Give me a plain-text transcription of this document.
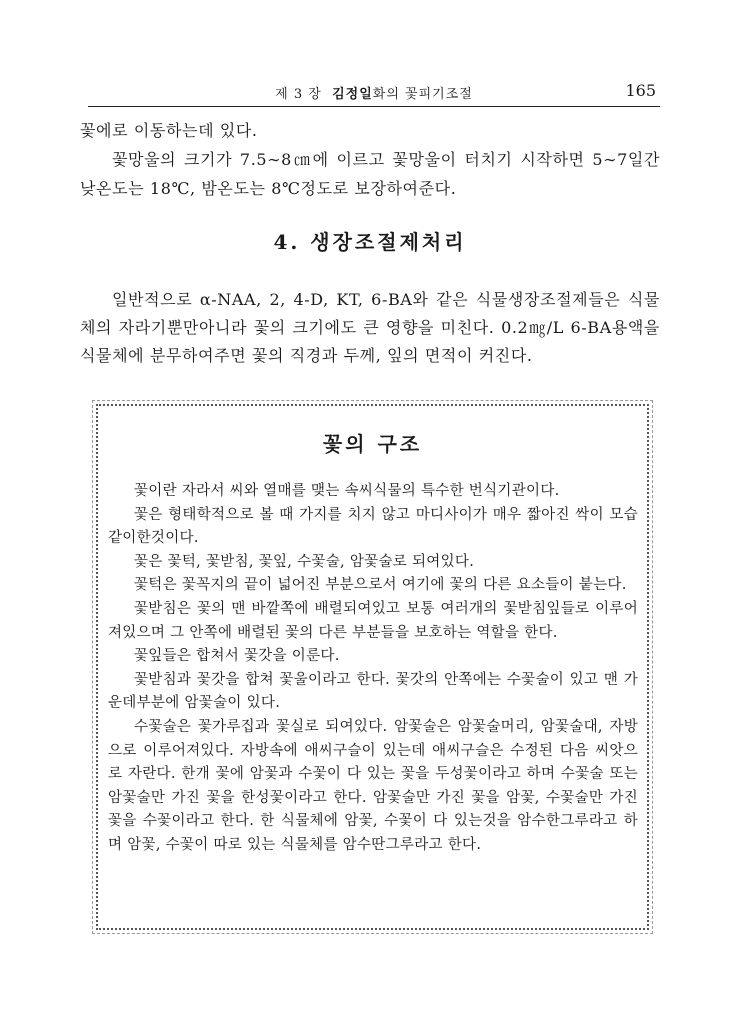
제 3 장 김정일화의 꽃피기조절	165
꽃에로 이동하는데 있다.
꽃망울의 크기가 7.5∼8㎝에 이르고 꽃망울이 터치기 시작하면 5∼7일간 낮온도는 18℃, 밤온도는 8℃정도로 보장하여준다.
4. 생장조절제처리
일반적으로 α-NAA, 2, 4-D, KT, 6-BA와 같은 식물생장조절제들은 식물체의 자라기뿐만아니라 꽃의 크기에도 큰 영향을 미친다. 0.2㎎/L 6-BA용액을 식물체에 분무하여주면 꽃의 직경과 두께, 잎의 면적이 커진다.
꽃의 구조

꽃이란 자라서 씨와 열매를 맺는 속씨식물의 특수한 번식기관이다.

꽃은 형태학적으로 볼 때 가지를 치지 않고 마디사이가 매우 짧아진 싹이 모습같이한것이다.

꽃은 꽃턱, 꽃받침, 꽃잎, 수꽃술, 암꽃술로 되여있다.

꽃턱은 꽃꼭지의 끝이 넓어진 부분으로서 여기에 꽃의 다른 요소들이 붙는다.

꽃받침은 꽃의 맨 바깥쪽에 배렬되여있고 보통 여러개의 꽃받침잎들로 이루어져있으며 그 안쪽에 배렬된 꽃의 다른 부분들을 보호하는 역할을 한다.

꽃잎들은 합쳐서 꽃갓을 이룬다.

꽃받침과 꽃갓을 합쳐 꽃울이라고 한다. 꽃갓의 안쪽에는 수꽃술이 있고 맨 가운데부분에 암꽃술이 있다.

수꽃술은 꽃가루집과 꽃실로 되여있다. 암꽃술은 암꽃술머리, 암꽃술대, 자방으로 이루어져있다. 자방속에 애씨구슬이 있는데 애씨구슬은 수정된 다음 씨앗으로 자란다. 한개 꽃에 암꽃과 수꽃이 다 있는 꽃을 두성꽃이라고 하며 수꽃술 또는 암꽃술만 가진 꽃을 한성꽃이라고 한다. 암꽃술만 가진 꽃을 암꽃, 수꽃술만 가진 꽃을 수꽃이라고 한다. 한 식물체에 암꽃, 수꽃이 다 있는것을 암수한그루라고 하며 암꽃, 수꽃이 따로 있는 식물체를 암수딴그루라고 한다.
